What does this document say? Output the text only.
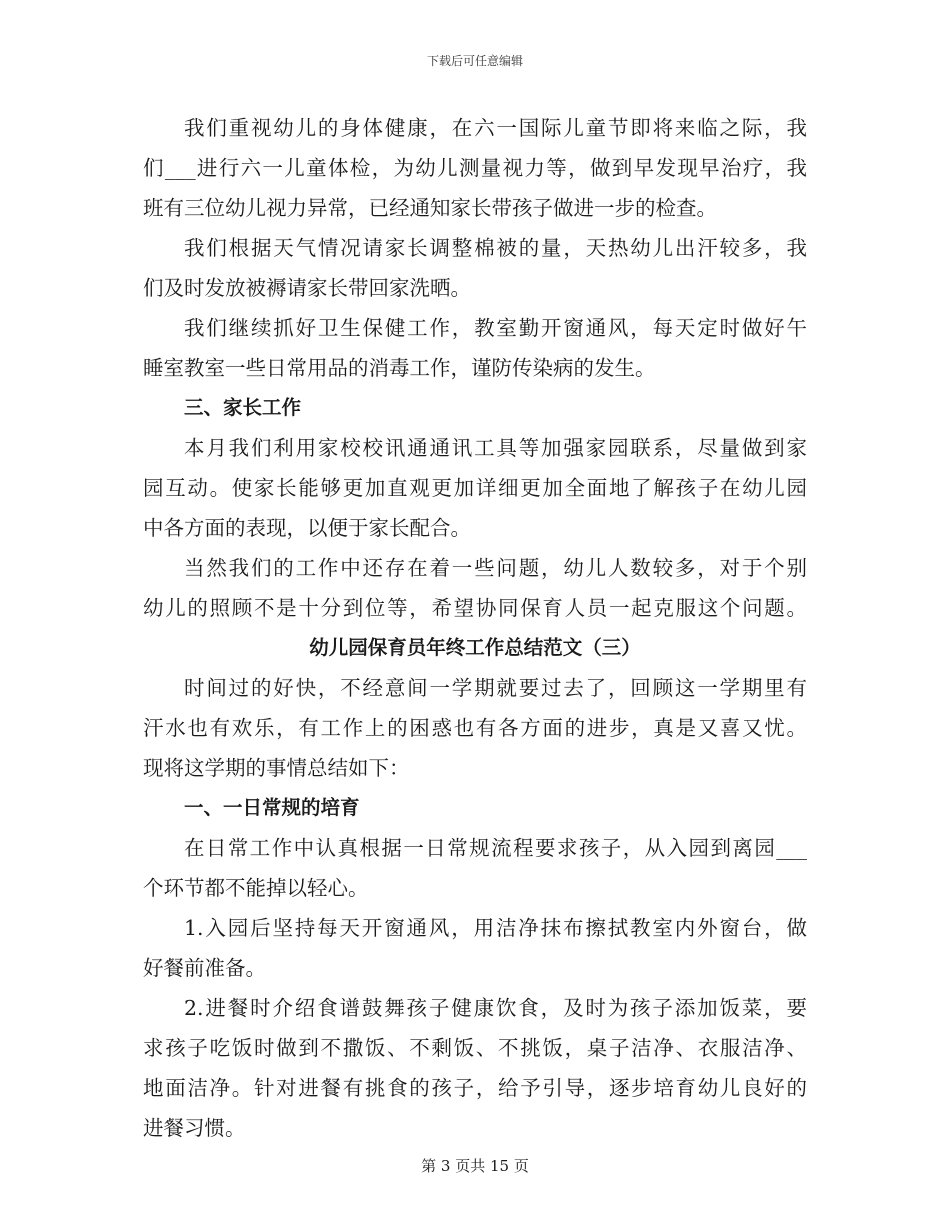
下载后可任意编辑
我们重视幼儿的身体健康，在六一国际儿童节即将来临之际，我
们___进行六一儿童体检，为幼儿测量视力等，做到早发现早治疗，我
班有三位幼儿视力异常，已经通知家长带孩子做进一步的检查。
我们根据天气情况请家长调整棉被的量，天热幼儿出汗较多，我
们及时发放被褥请家长带回家洗晒。
我们继续抓好卫生保健工作，教室勤开窗通风，每天定时做好午
睡室教室一些日常用品的消毒工作，谨防传染病的发生。
三、家长工作
本月我们利用家校校讯通通讯工具等加强家园联系，尽量做到家
园互动。使家长能够更加直观更加详细更加全面地了解孩子在幼儿园
中各方面的表现，以便于家长配合。
当然我们的工作中还存在着一些问题，幼儿人数较多，对于个别
幼儿的照顾不是十分到位等，希望协同保育人员一起克服这个问题。
幼儿园保育员年终工作总结范文（三）
时间过的好快，不经意间一学期就要过去了，回顾这一学期里有
汗水也有欢乐，有工作上的困惑也有各方面的进步，真是又喜又忧。
现将这学期的事情总结如下：
一、一日常规的培育
在日常工作中认真根据一日常规流程要求孩子，从入园到离园___
个环节都不能掉以轻心。
1.入园后坚持每天开窗通风，用洁净抹布擦拭教室内外窗台，做
好餐前准备。
2.进餐时介绍食谱鼓舞孩子健康饮食，及时为孩子添加饭菜，要
求孩子吃饭时做到不撒饭、不剩饭、不挑饭，桌子洁净、衣服洁净、
地面洁净。针对进餐有挑食的孩子，给予引导，逐步培育幼儿良好的
进餐习惯。
第 3 页共 15 页
